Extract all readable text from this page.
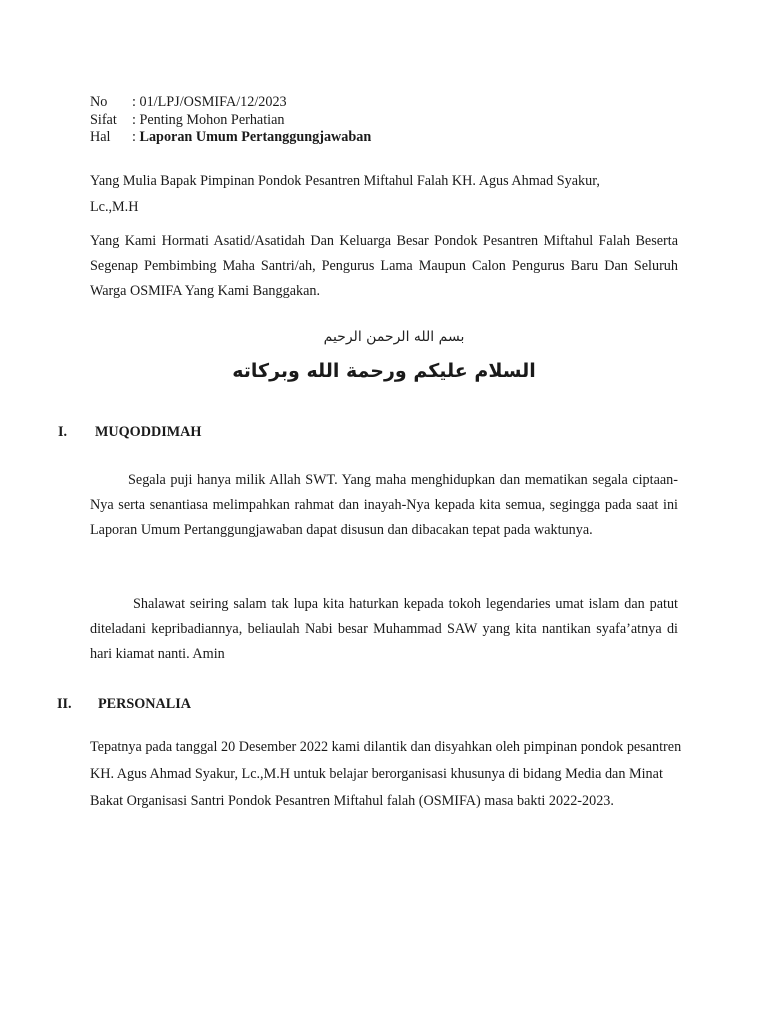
No	: 01/LPJ/OSMIFA/12/2023
Sifat	: Penting Mohon Perhatian
Hal	: Laporan Umum Pertanggungjawaban
Yang Mulia Bapak Pimpinan Pondok Pesantren Miftahul Falah KH. Agus Ahmad Syakur,
Lc.,M.H
Yang Kami Hormati Asatid/Asatidah Dan Keluarga Besar Pondok Pesantren Miftahul Falah Beserta Segenap Pembimbing Maha Santri/ah, Pengurus Lama Maupun Calon Pengurus Baru Dan Seluruh Warga OSMIFA Yang Kami Banggakan.
بسم الله الرحمن الرحيم
السلام عليكم ورحمة الله وبركاته
I. MUQODDIMAH
Segala puji hanya milik Allah SWT. Yang maha menghidupkan dan mematikan segala ciptaan-Nya serta senantiasa melimpahkan rahmat dan inayah-Nya kepada kita semua, segingga pada saat ini Laporan Umum Pertanggungjawaban dapat disusun dan dibacakan tepat pada waktunya.
Shalawat seiring salam tak lupa kita haturkan kepada tokoh legendaries umat islam dan patut diteladani kepribadiannya, beliaulah Nabi besar Muhammad SAW yang kita nantikan syafa’atnya di hari kiamat nanti. Amin
II. PERSONALIA
Tepatnya pada tanggal 20 Desember 2022 kami dilantik dan disyahkan oleh pimpinan pondok pesantren KH. Agus Ahmad Syakur, Lc.,M.H untuk belajar berorganisasi khusunya di bidang Media dan Minat Bakat Organisasi Santri Pondok Pesantren Miftahul falah (OSMIFA) masa bakti 2022-2023.
